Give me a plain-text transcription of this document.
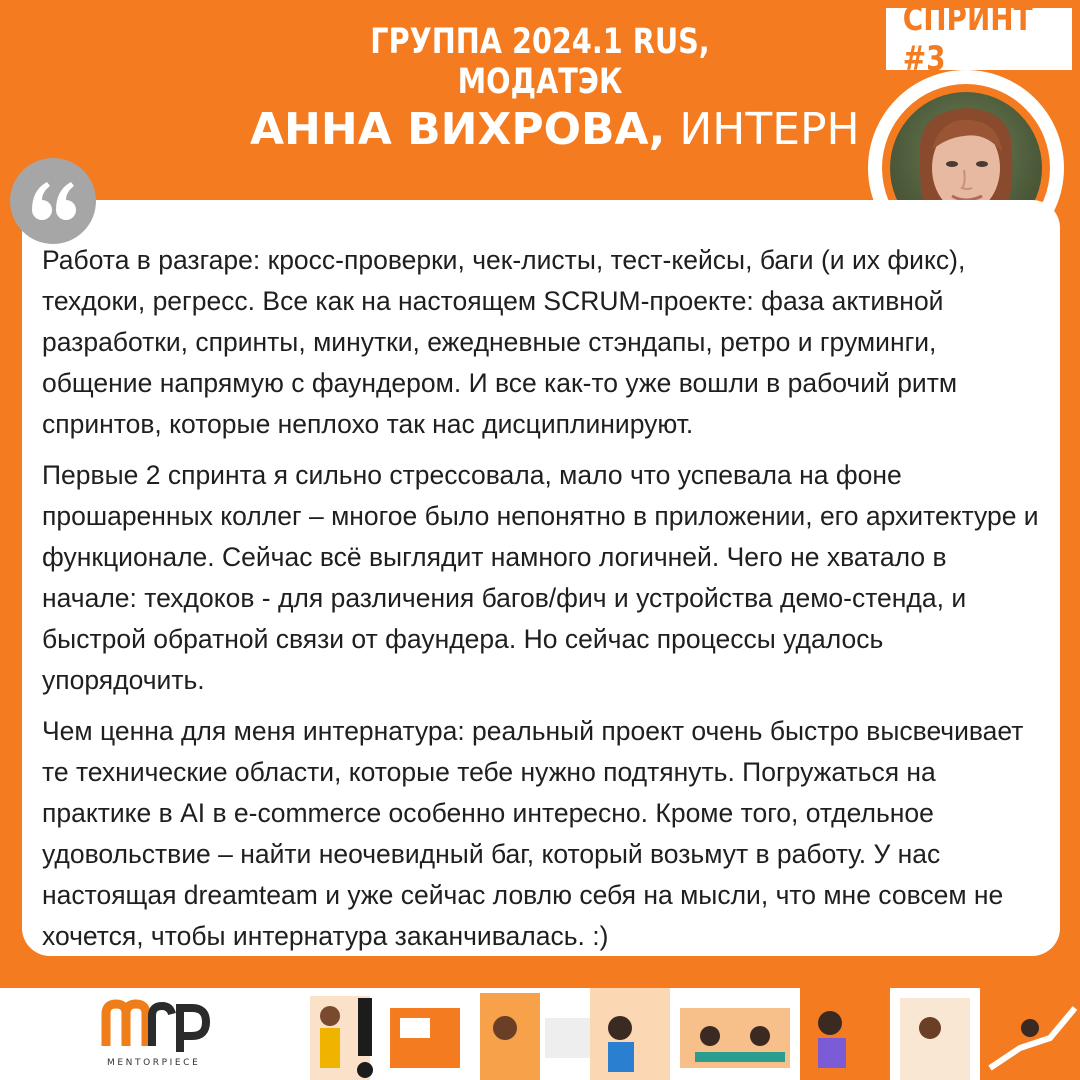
ГРУППА 2024.1 RUS, МОДАТЭК
СПРИНТ #3
АННА ВИХРОВА, ИНТЕРН

Работа в разгаре: кросс-проверки, чек-листы, тест-кейсы, баги (и их фикс), техдоки, регресс. Все как на настоящем SCRUM-проекте: фаза активной разработки, спринты, минутки, ежедневные стэндапы, ретро и груминги, общение напрямую с фаундером. И все как-то уже вошли в рабочий ритм спринтов, которые неплохо так нас дисциплинируют.

Первые 2 спринта я сильно стрессовала, мало что успевала на фоне прошаренных коллег – многое было непонятно в приложении, его архитектуре и функционале. Сейчас всё выглядит намного логичней. Чего не хватало в начале: техдоков - для различения багов/фич и устройства демо-стенда, и быстрой обратной связи от фаундера. Но сейчас процессы удалось упорядочить.

Чем ценна для меня интернатура: реальный проект очень быстро высвечивает те технические области, которые тебе нужно подтянуть. Погружаться на практике в AI в e-commerce особенно интересно. Кроме того, отдельное удовольствие – найти неочевидный баг, который возьмут в работу. У нас настоящая dreamteam и уже сейчас ловлю себя на мысли, что мне совсем не хочется, чтобы интернатура заканчивалась. :)

MENTORPIECE
